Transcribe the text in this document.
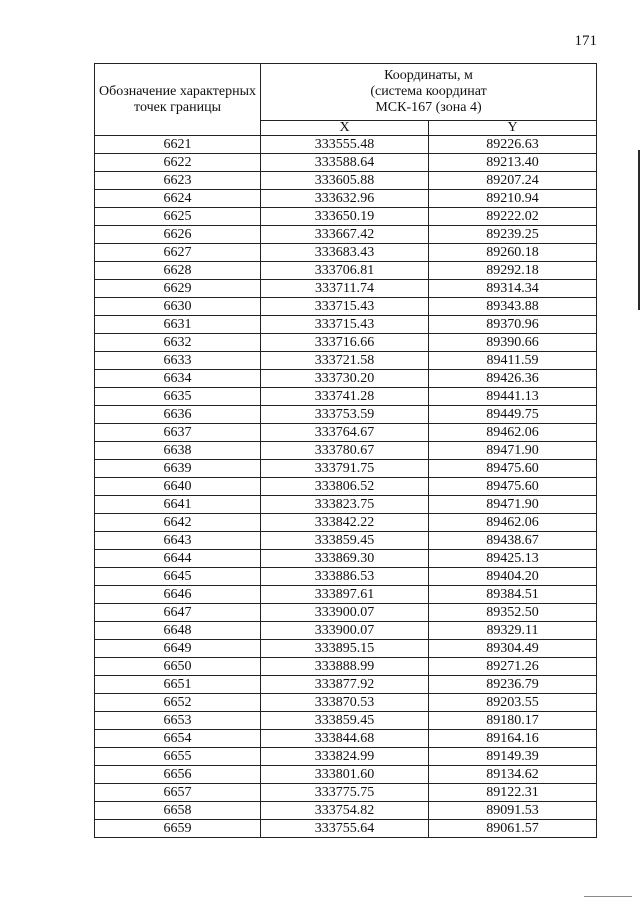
171
Обозначение характерных точек границы	Координаты, м
(система координат
МСК-167 (зона 4)	

	X	Y
6621	333555.48	89226.63
6622	333588.64	89213.40
6623	333605.88	89207.24
6624	333632.96	89210.94
6625	333650.19	89222.02
6626	333667.42	89239.25
6627	333683.43	89260.18
6628	333706.81	89292.18
6629	333711.74	89314.34
6630	333715.43	89343.88
6631	333715.43	89370.96
6632	333716.66	89390.66
6633	333721.58	89411.59
6634	333730.20	89426.36
6635	333741.28	89441.13
6636	333753.59	89449.75
6637	333764.67	89462.06
6638	333780.67	89471.90
6639	333791.75	89475.60
6640	333806.52	89475.60
6641	333823.75	89471.90
6642	333842.22	89462.06
6643	333859.45	89438.67
6644	333869.30	89425.13
6645	333886.53	89404.20
6646	333897.61	89384.51
6647	333900.07	89352.50
6648	333900.07	89329.11
6649	333895.15	89304.49
6650	333888.99	89271.26
6651	333877.92	89236.79
6652	333870.53	89203.55
6653	333859.45	89180.17
6654	333844.68	89164.16
6655	333824.99	89149.39
6656	333801.60	89134.62
6657	333775.75	89122.31
6658	333754.82	89091.53
6659	333755.64	89061.57
